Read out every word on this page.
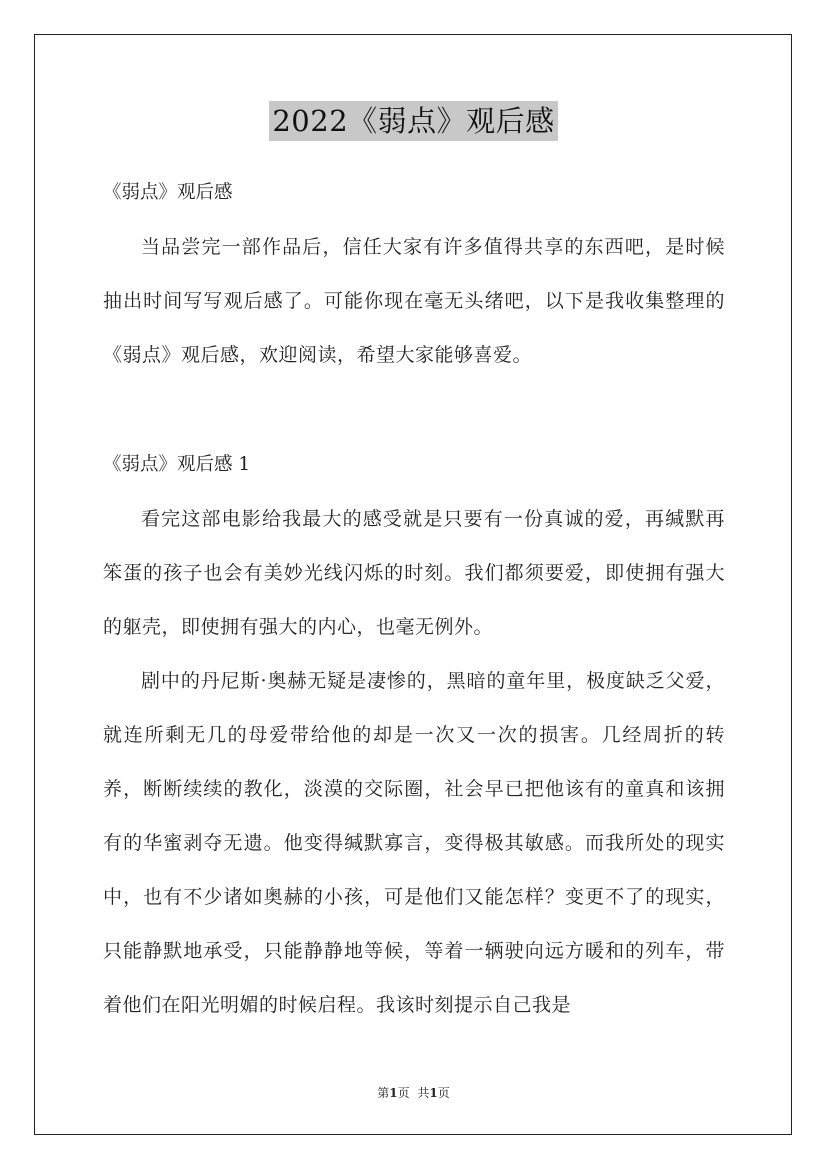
2022《弱点》观后感
《弱点》观后感

当品尝完一部作品后，信任大家有许多值得共享的东西吧，是时候抽出时间写写观后感了。可能你现在毫无头绪吧，以下是我收集整理的《弱点》观后感，欢迎阅读，希望大家能够喜爱。

《弱点》观后感 1

看完这部电影给我最大的感受就是只要有一份真诚的爱，再缄默再笨蛋的孩子也会有美妙光线闪烁的时刻。我们都须要爱，即使拥有强大的躯壳，即使拥有强大的内心，也毫无例外。

剧中的丹尼斯·奥赫无疑是凄惨的，黑暗的童年里，极度缺乏父爱，就连所剩无几的母爱带给他的却是一次又一次的损害。几经周折的转养，断断续续的教化，淡漠的交际圈，社会早已把他该有的童真和该拥有的华蜜剥夺无遗。他变得缄默寡言，变得极其敏感。而我所处的现实中，也有不少诸如奥赫的小孩，可是他们又能怎样？变更不了的现实，只能静默地承受，只能静静地等候，等着一辆驶向远方暖和的列车，带着他们在阳光明媚的时候启程。我该时刻提示自己我是

第1页 共1页
